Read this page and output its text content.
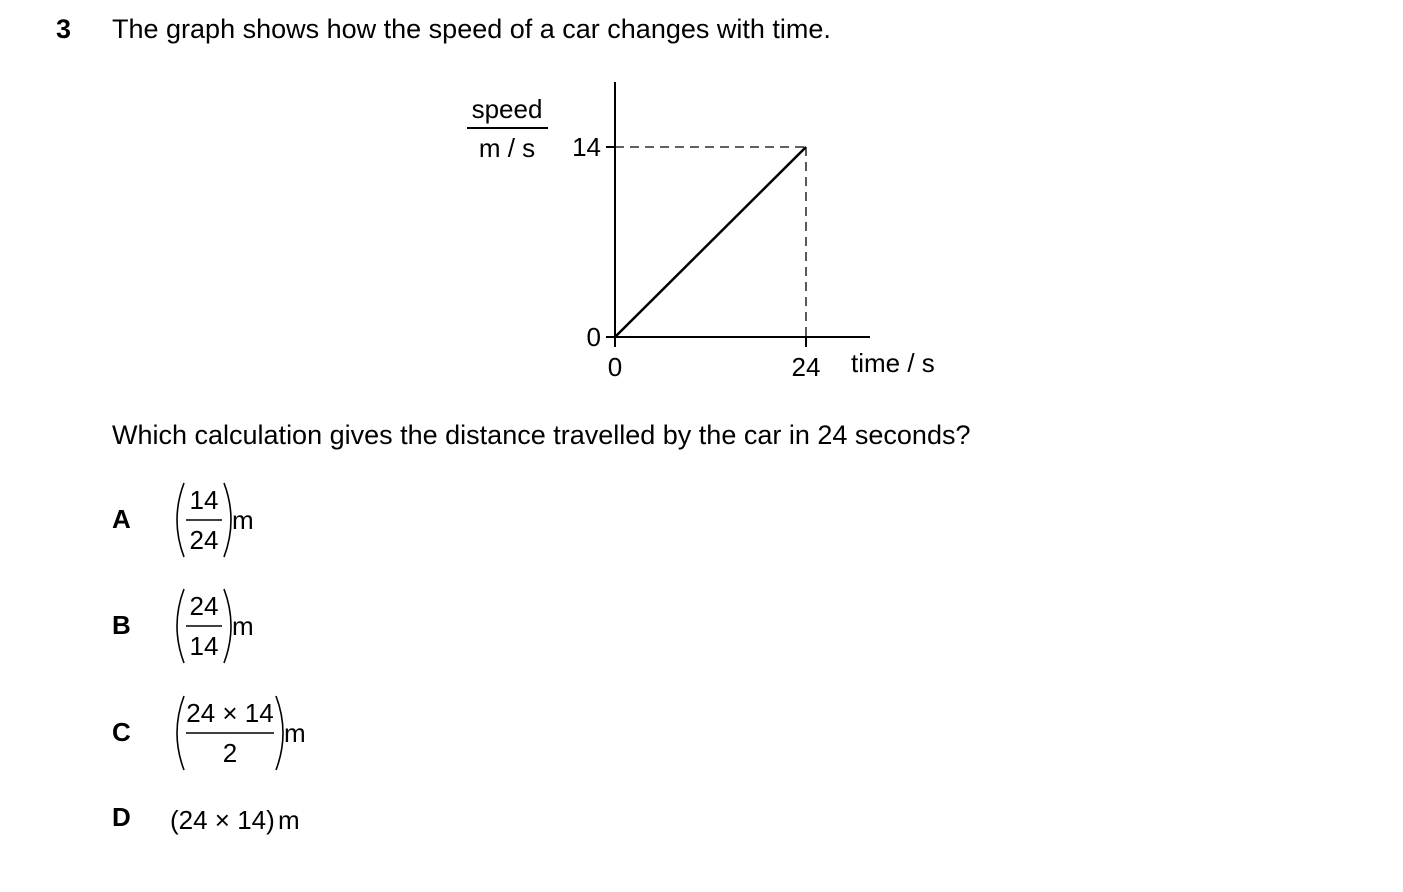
3 The graph shows how the speed of a car changes with time.
speed
m / s
0
14
0	24 time / s
Which calculation gives the distance travelled by the car in 24 seconds?
A
14
24
m
B
24
14
m
C
24 × 14
2
m
D (24 × 14) m
